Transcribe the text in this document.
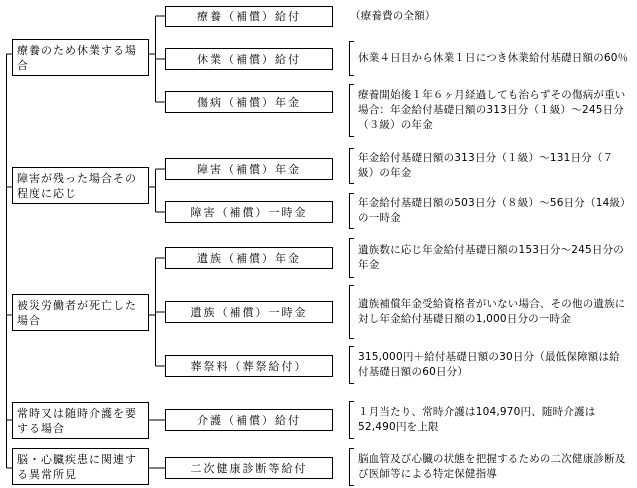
療養のため休業する場合
障害が残った場合その程度に応じ
被災労働者が死亡した場合
常時又は随時介護を要する場合
脳・心臓疾患に関連する異常所見
療養（補償）給付
休業（補償）給付
傷病（補償）年金
障害（補償）年金
障害（補償）一時金
遺族（補償）年金
遺族（補償）一時金
葬祭料（葬祭給付）
介護（補償）給付
二次健康診断等給付
（療養費の全額）
休業４日目から休業１日につき休業給付基礎日額の60％
療養開始後１年６ヶ月経過しても治らずその傷病が重い場合：年金給付基礎日額の313日分（１級）～245日分（３級）の年金
年金給付基礎日額の313日分（１級）～131日分（７級）の年金
年金給付基礎日額の503日分（８級）～56日分（14級）の一時金
遺族数に応じ年金給付基礎日額の153日分～245日分の年金
遺族補償年金受給資格者がいない場合、その他の遺族に対し年金給付基礎日額の1,000日分の一時金
315,000円＋給付基礎日額の30日分（最低保障額は給付基礎日額の60日分）
１月当たり、常時介護は104,970円、随時介護は52,490円を上限
脳血管及び心臓の状態を把握するための二次健康診断及び医師等による特定保健指導
